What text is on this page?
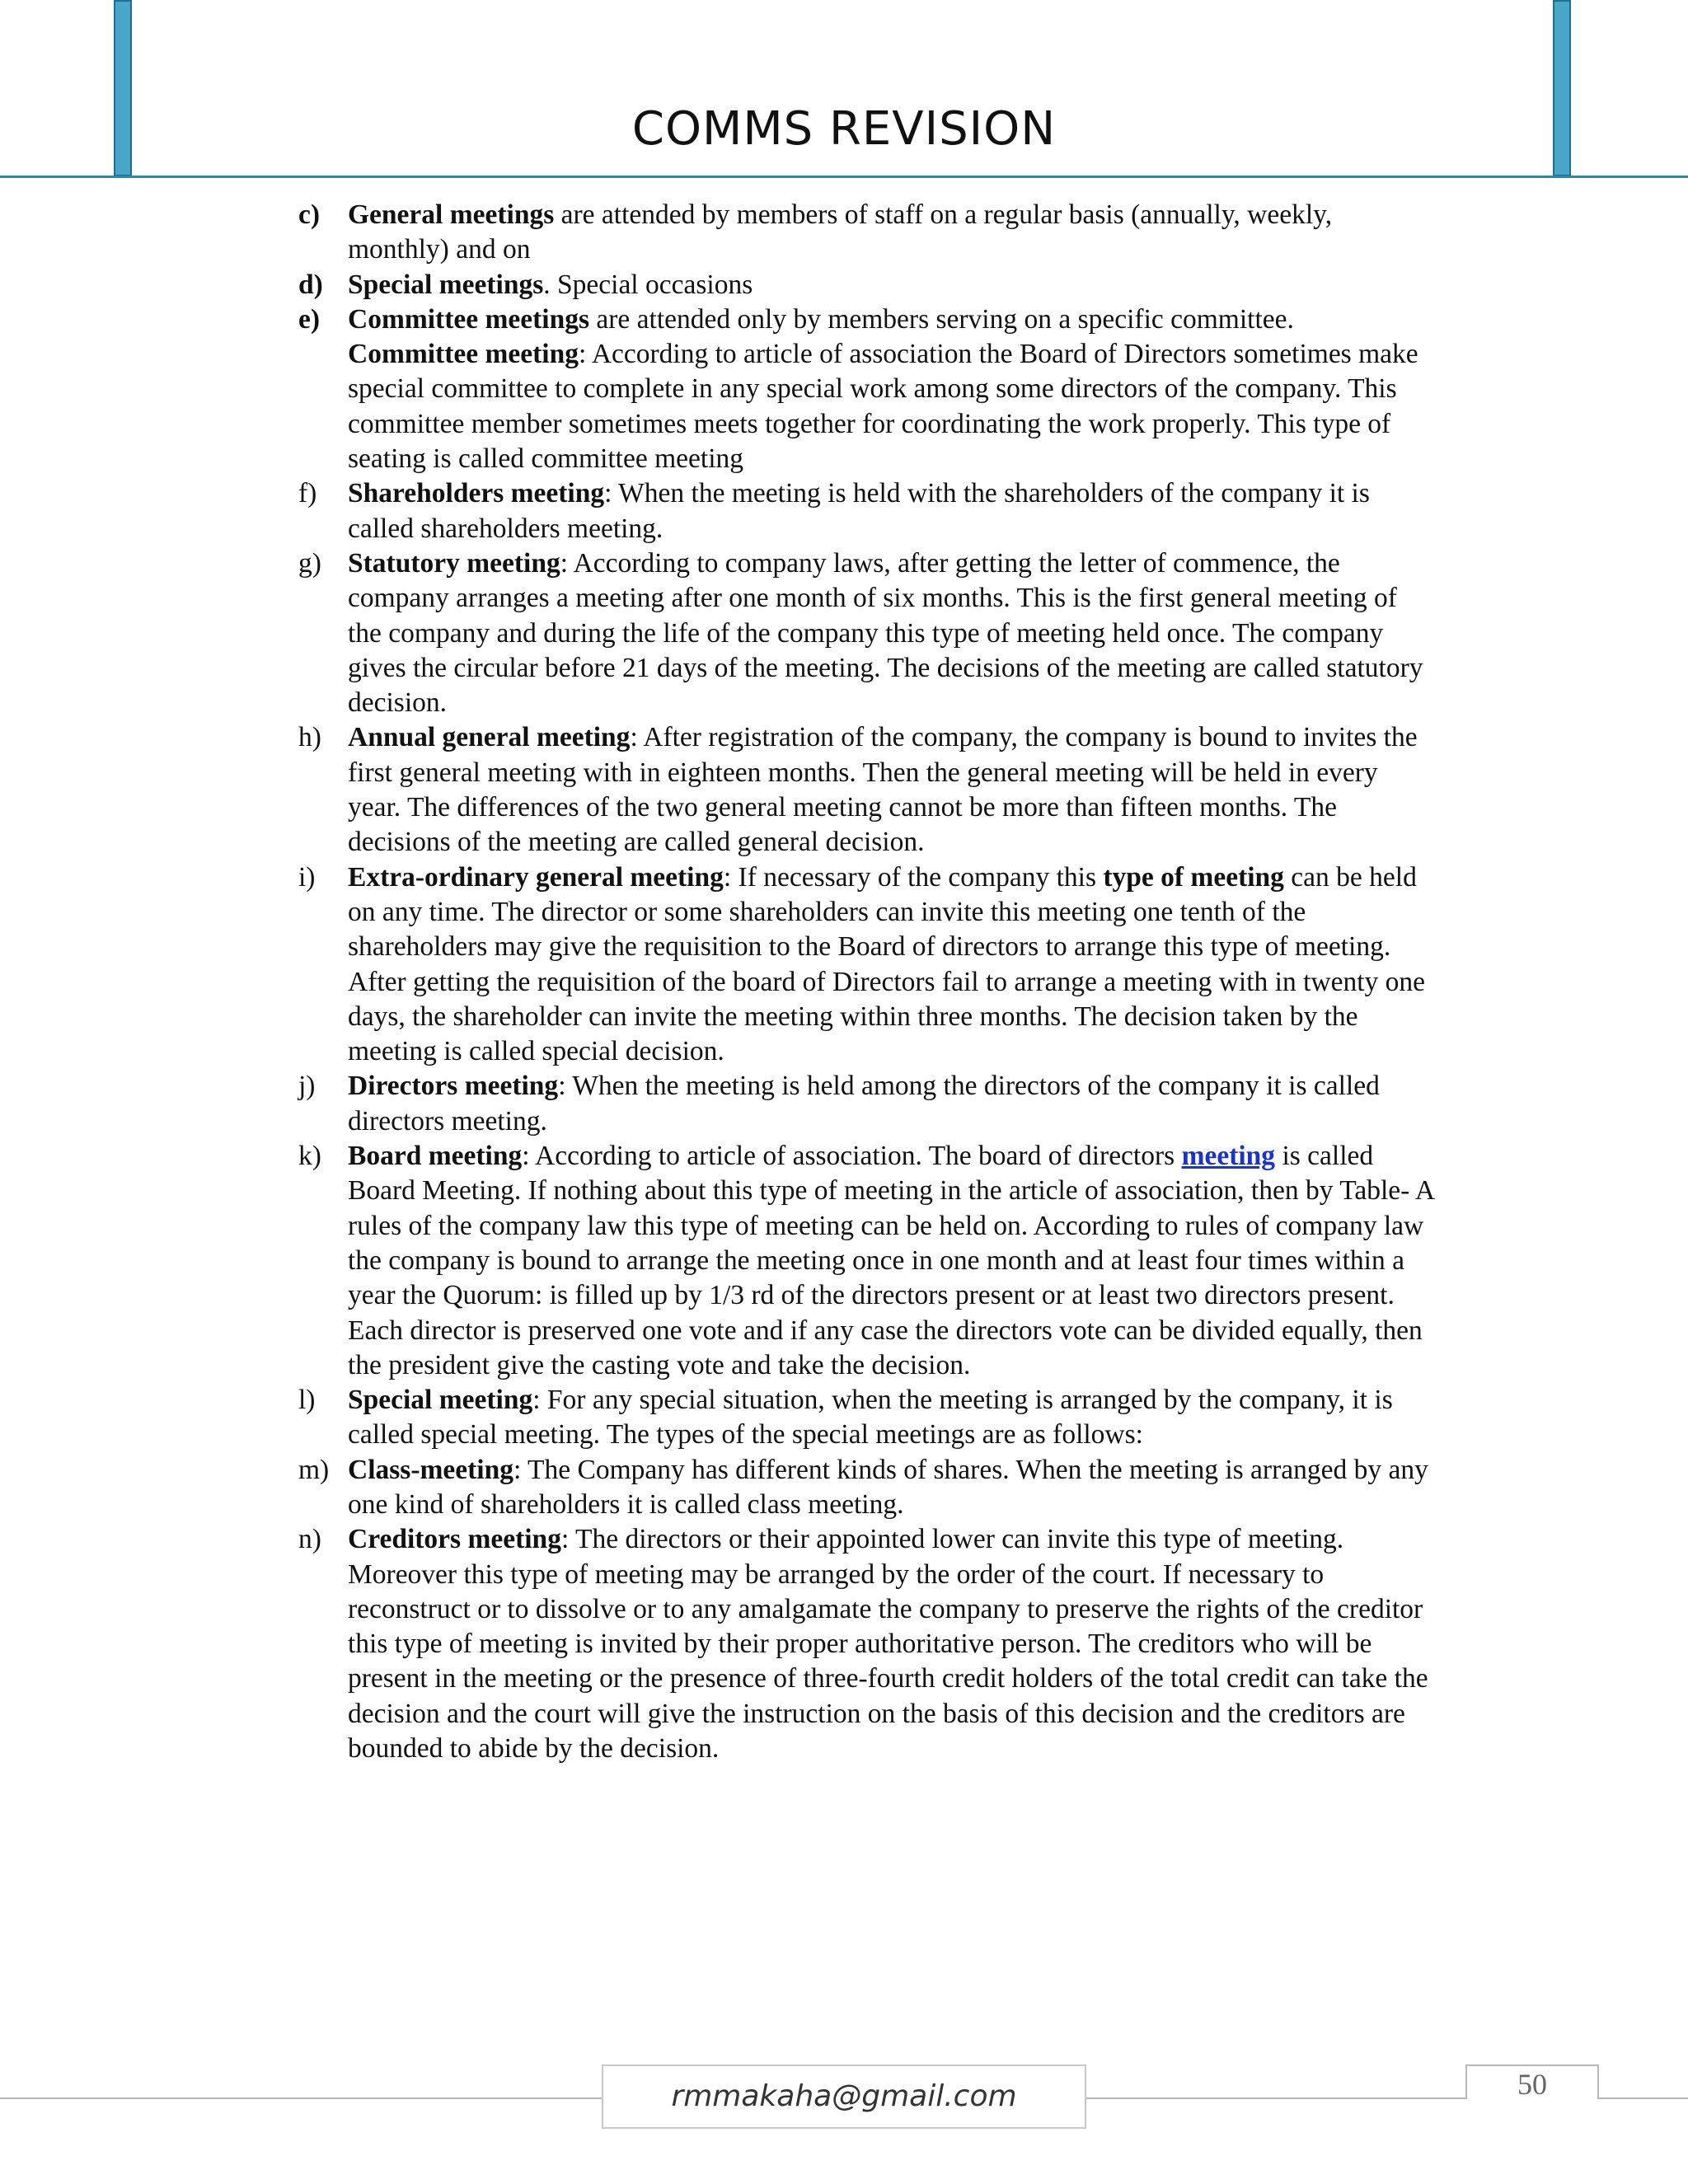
COMMS REVISION
c)	General meetings are attended by members of staff on a regular basis (annually, weekly, monthly) and on
d) Special meetings. Special occasions
e)	Committee meetings are attended only by members serving on a specific committee.
Committee meeting: According to article of association the Board of Directors sometimes make special committee to complete in any special work among some directors of the company. This committee member sometimes meets together for coordinating the work properly. This type of seating is called committee meeting
f)	Shareholders meeting: When the meeting is held with the shareholders of the company it is called shareholders meeting.
g) Statutory meeting: According to company laws, after getting the letter of commence, the company arranges a meeting after one month of six months. This is the first general meeting of the company and during the life of the company this type of meeting held once. The company gives the circular before 21 days of the meeting. The decisions of the meeting are called statutory decision.
h) Annual general meeting: After registration of the company, the company is bound to invites the first general meeting with in eighteen months. Then the general meeting will be held in every year. The differences of the two general meeting cannot be more than fifteen months. The decisions of the meeting are called general decision.
i)	Extra-ordinary general meeting: If necessary of the company this type of meeting can be held on any time. The director or some shareholders can invite this meeting one tenth of the shareholders may give the requisition to the Board of directors to arrange this type of meeting. After getting the requisition of the board of Directors fail to arrange a meeting with in twenty one days, the shareholder can invite the meeting within three months. The decision taken by the meeting is called special decision.
j)	Directors meeting: When the meeting is held among the directors of the company it is called directors meeting.
k) Board meeting: According to article of association. The board of directors meeting is called Board Meeting. If nothing about this type of meeting in the article of association, then by Table- A rules of the company law this type of meeting can be held on. According to rules of company law the company is bound to arrange the meeting once in one month and at least four times within a year the Quorum: is filled up by 1/3 rd of the directors present or at least two directors present. Each director is preserved one vote and if any case the directors vote can be divided equally, then the president give the casting vote and take the decision.
l)	Special meeting: For any special situation, when the meeting is arranged by the company, it is called special meeting. The types of the special meetings are as follows:
m) Class-meeting: The Company has different kinds of shares. When the meeting is arranged by any one kind of shareholders it is called class meeting.
n) Creditors meeting: The directors or their appointed lower can invite this type of meeting. Moreover this type of meeting may be arranged by the order of the court. If necessary to reconstruct or to dissolve or to any amalgamate the company to preserve the rights of the creditor this type of meeting is invited by their proper authoritative person. The creditors who will be present in the meeting or the presence of three-fourth credit holders of the total credit can take the decision and the court will give the instruction on the basis of this decision and the creditors are bounded to abide by the decision.
rmmakaha@gmail.com	50
